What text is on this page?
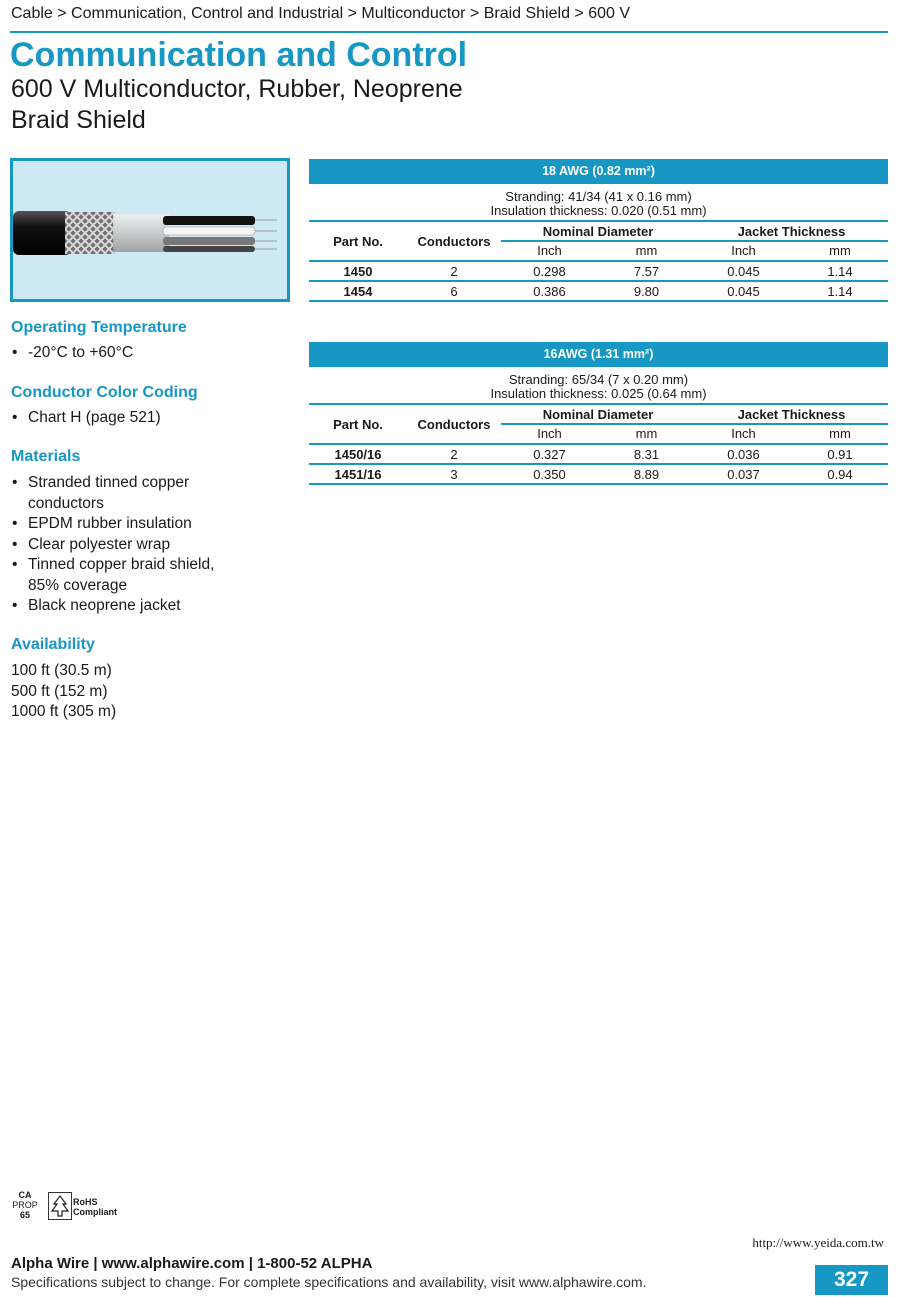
Cable > Communication, Control and Industrial > Multiconductor > Braid Shield > 600 V
Communication and Control
600 V Multiconductor, Rubber, Neoprene
Braid Shield
Operating Temperature
• -20°C to +60°C
Conductor Color Coding
• Chart H (page 521)
Materials
• Stranded tinned copper
conductors
• EPDM rubber insulation
• Clear polyester wrap
• Tinned copper braid shield,
85% coverage
• Black neoprene jacket
Availability
100 ft (30.5 m)
500 ft (152 m)
1000 ft (305 m)
18 AWG (0.82 mm²)
Stranding: 41/34 (41 x 0.16 mm)
Insulation thickness: 0.020 (0.51 mm)
Part No.	Conductors
Nominal Diameter	Jacket Thickness
Inch	mm	Inch	mm
1450	2	0.298	7.57	0.045	1.14
1454	6	0.386	9.80	0.045	1.14
16AWG (1.31 mm²)
Stranding: 65/34 (7 x 0.20 mm)
Insulation thickness: 0.025 (0.64 mm)
Part No.	Conductors
Nominal Diameter	Jacket Thickness
Inch	mm	Inch	mm
1450/16	2	0.327	8.31	0.036	0.91
1451/16	3	0.350	8.89	0.037	0.94
CA
PROP
65
RoHS
Compliant
http://www.yeida.com.tw
Alpha Wire | www.alphawire.com | 1-800-52 ALPHA
Specifications subject to change. For complete specifications and availability, visit www.alphawire.com.	327
